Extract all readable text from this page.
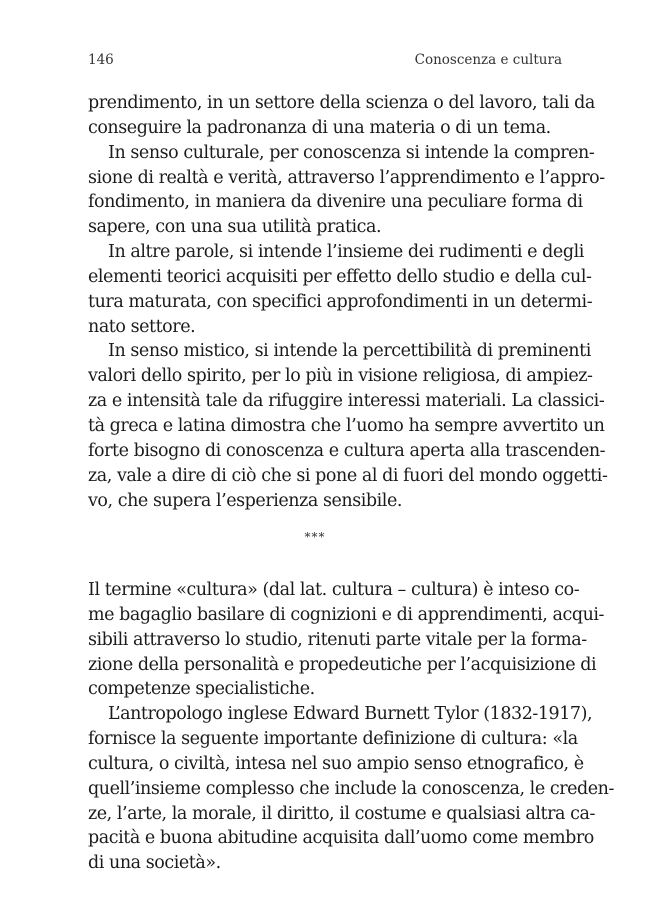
146	Conoscenza e cultura
prendimento, in un settore della scienza o del lavoro, tali da
conseguire la padronanza di una materia o di un tema.
In senso culturale, per conoscenza si intende la compren-
sione di realtà e verità, attraverso l’apprendimento e l’appro-
fondimento, in maniera da divenire una peculiare forma di
sapere, con una sua utilità pratica.
In altre parole, si intende l’insieme dei rudimenti e degli
elementi teorici acquisiti per effetto dello studio e della cul-
tura maturata, con specifici approfondimenti in un determi-
nato settore.
In senso mistico, si intende la percettibilità di preminenti
valori dello spirito, per lo più in visione religiosa, di ampiez-
za e intensità tale da rifuggire interessi materiali. La classici-
tà greca e latina dimostra che l’uomo ha sempre avvertito un
forte bisogno di conoscenza e cultura aperta alla trascenden-
za, vale a dire di ciò che si pone al di fuori del mondo oggetti-
vo, che supera l’esperienza sensibile.
***
Il termine «cultura» (dal lat. cultura – cultura) è inteso co-
me bagaglio basilare di cognizioni e di apprendimenti, acqui-
sibili attraverso lo studio, ritenuti parte vitale per la forma-
zione della personalità e propedeutiche per l’acquisizione di
competenze specialistiche.
L’antropologo inglese Edward Burnett Tylor (1832-1917),
fornisce la seguente importante definizione di cultura: «la
cultura, o civiltà, intesa nel suo ampio senso etnografico, è
quell’insieme complesso che include la conoscenza, le creden-
ze, l’arte, la morale, il diritto, il costume e qualsiasi altra ca-
pacità e buona abitudine acquisita dall’uomo come membro
di una società».
